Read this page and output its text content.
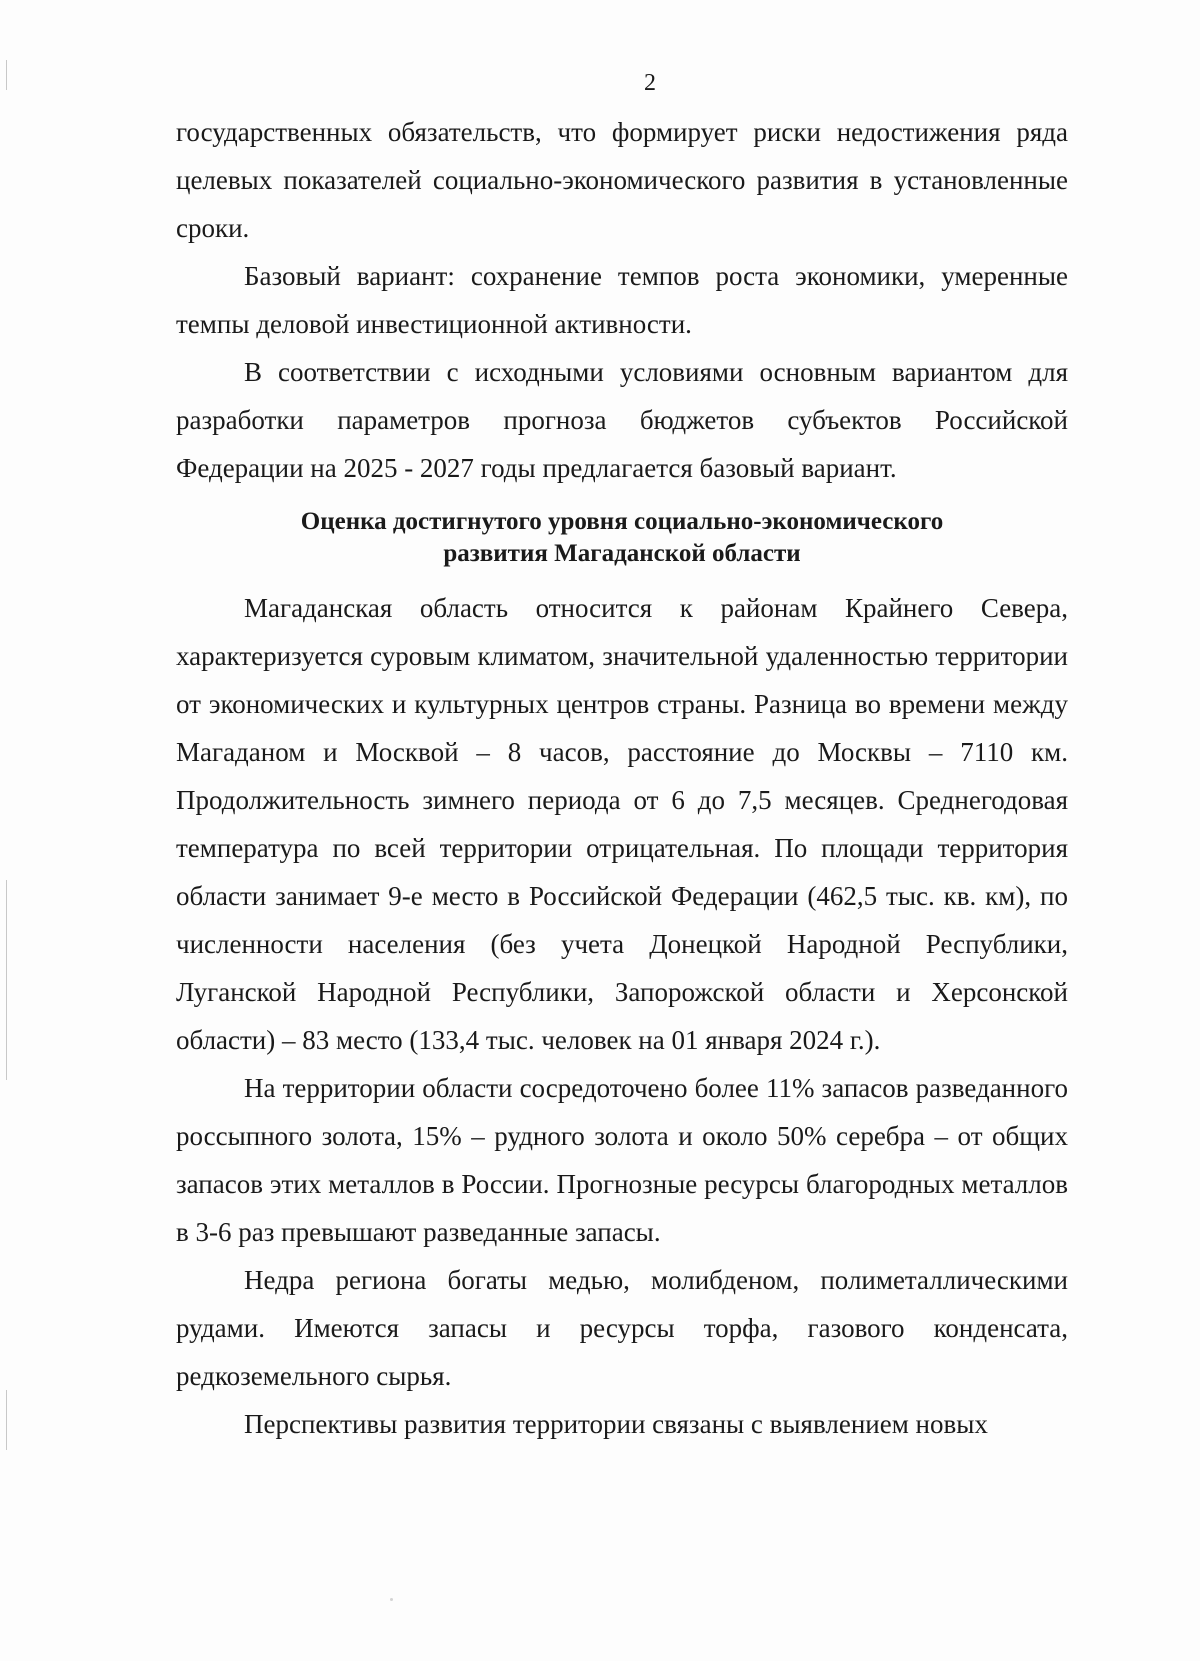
2

государственных обязательств, что формирует риски недостижения ряда целевых показателей социально-экономического развития в установленные сроки.

Базовый вариант: сохранение темпов роста экономики, умеренные темпы деловой инвестиционной активности.

В соответствии с исходными условиями основным вариантом для разработки параметров прогноза бюджетов субъектов Российской Федерации на 2025 - 2027 годы предлагается базовый вариант.

Оценка достигнутого уровня социально-экономического
развития Магаданской области

Магаданская область относится к районам Крайнего Севера, характеризуется суровым климатом, значительной удаленностью территории от экономических и культурных центров страны. Разница во времени между Магаданом и Москвой – 8 часов, расстояние до Москвы – 7110 км. Продолжительность зимнего периода от 6 до 7,5 месяцев. Среднегодовая температура по всей территории отрицательная. По площади территория области занимает 9-е место в Российской Федерации (462,5 тыс. кв. км), по численности населения (без учета Донецкой Народной Республики, Луганской Народной Республики, Запорожской области и Херсонской области) – 83 место (133,4 тыс. человек на 01 января 2024 г.).

На территории области сосредоточено более 11% запасов разведанного россыпного золота, 15% – рудного золота и около 50% серебра – от общих запасов этих металлов в России. Прогнозные ресурсы благородных металлов в 3-6 раз превышают разведанные запасы.

Недра региона богаты медью, молибденом, полиметаллическими рудами. Имеются запасы и ресурсы торфа, газового конденсата, редкоземельного сырья.

Перспективы развития территории связаны с выявлением новых
